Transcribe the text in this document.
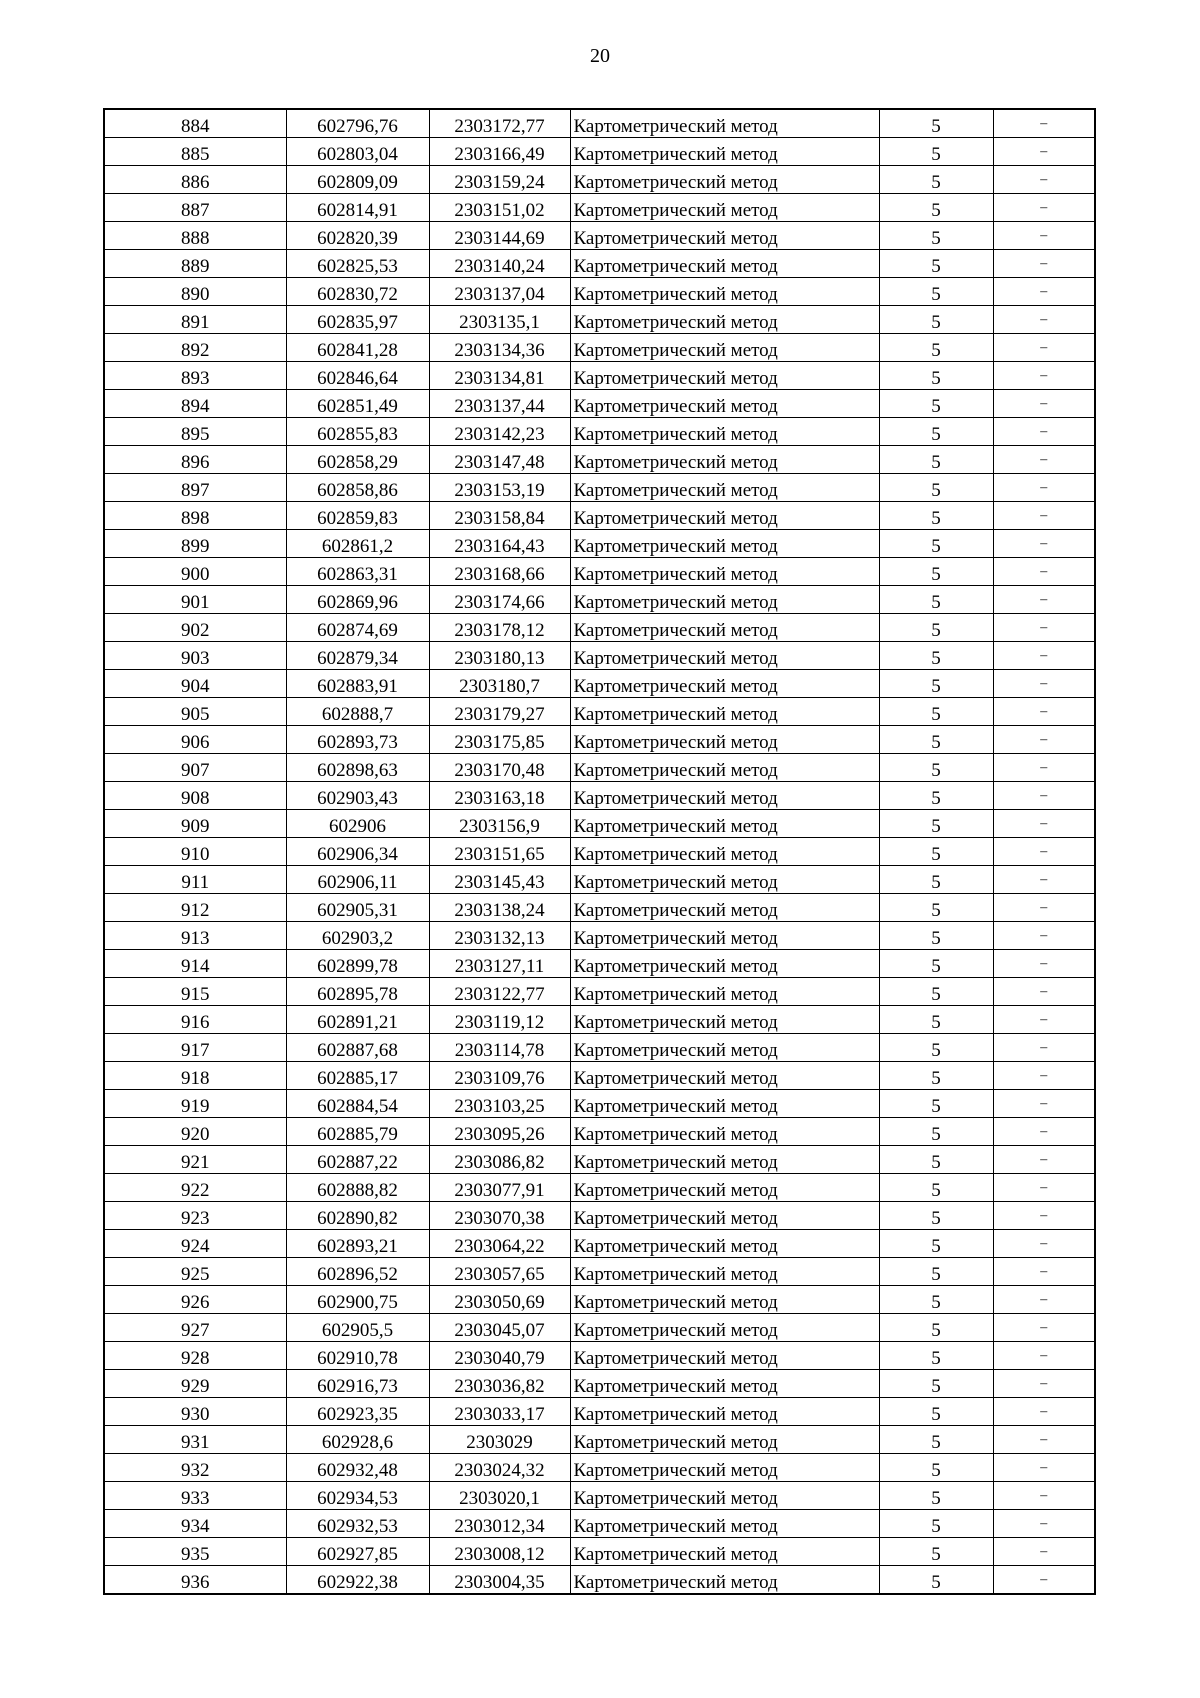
20
884	602796,76	2303172,77	Картометрический метод	5	–
885	602803,04	2303166,49	Картометрический метод	5	–
886	602809,09	2303159,24	Картометрический метод	5	–
887	602814,91	2303151,02	Картометрический метод	5	–
888	602820,39	2303144,69	Картометрический метод	5	–
889	602825,53	2303140,24	Картометрический метод	5	–
890	602830,72	2303137,04	Картометрический метод	5	–
891	602835,97	2303135,1	Картометрический метод	5	–
892	602841,28	2303134,36	Картометрический метод	5	–
893	602846,64	2303134,81	Картометрический метод	5	–
894	602851,49	2303137,44	Картометрический метод	5	–
895	602855,83	2303142,23	Картометрический метод	5	–
896	602858,29	2303147,48	Картометрический метод	5	–
897	602858,86	2303153,19	Картометрический метод	5	–
898	602859,83	2303158,84	Картометрический метод	5	–
899	602861,2	2303164,43	Картометрический метод	5	–
900	602863,31	2303168,66	Картометрический метод	5	–
901	602869,96	2303174,66	Картометрический метод	5	–
902	602874,69	2303178,12	Картометрический метод	5	–
903	602879,34	2303180,13	Картометрический метод	5	–
904	602883,91	2303180,7	Картометрический метод	5	–
905	602888,7	2303179,27	Картометрический метод	5	–
906	602893,73	2303175,85	Картометрический метод	5	–
907	602898,63	2303170,48	Картометрический метод	5	–
908	602903,43	2303163,18	Картометрический метод	5	–
909	602906	2303156,9	Картометрический метод	5	–
910	602906,34	2303151,65	Картометрический метод	5	–
911	602906,11	2303145,43	Картометрический метод	5	–
912	602905,31	2303138,24	Картометрический метод	5	–
913	602903,2	2303132,13	Картометрический метод	5	–
914	602899,78	2303127,11	Картометрический метод	5	–
915	602895,78	2303122,77	Картометрический метод	5	–
916	602891,21	2303119,12	Картометрический метод	5	–
917	602887,68	2303114,78	Картометрический метод	5	–
918	602885,17	2303109,76	Картометрический метод	5	–
919	602884,54	2303103,25	Картометрический метод	5	–
920	602885,79	2303095,26	Картометрический метод	5	–
921	602887,22	2303086,82	Картометрический метод	5	–
922	602888,82	2303077,91	Картометрический метод	5	–
923	602890,82	2303070,38	Картометрический метод	5	–
924	602893,21	2303064,22	Картометрический метод	5	–
925	602896,52	2303057,65	Картометрический метод	5	–
926	602900,75	2303050,69	Картометрический метод	5	–
927	602905,5	2303045,07	Картометрический метод	5	–
928	602910,78	2303040,79	Картометрический метод	5	–
929	602916,73	2303036,82	Картометрический метод	5	–
930	602923,35	2303033,17	Картометрический метод	5	–
931	602928,6	2303029	Картометрический метод	5	–
932	602932,48	2303024,32	Картометрический метод	5	–
933	602934,53	2303020,1	Картометрический метод	5	–
934	602932,53	2303012,34	Картометрический метод	5	–
935	602927,85	2303008,12	Картометрический метод	5	–
936	602922,38	2303004,35	Картометрический метод	5	–
